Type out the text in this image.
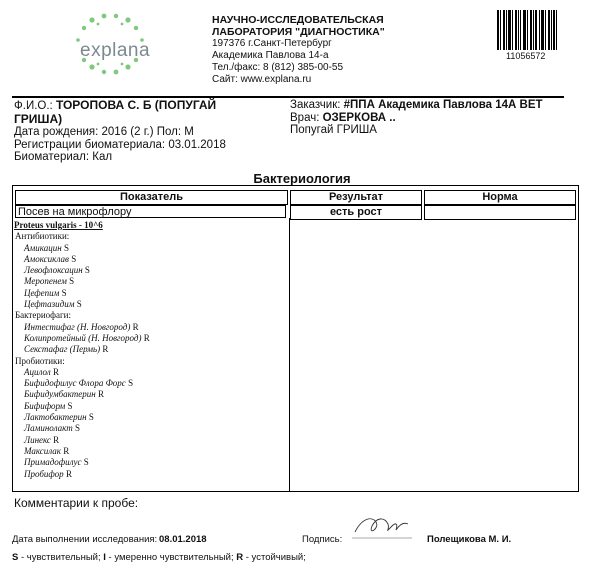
explana
НАУЧНО-ИССЛЕДОВАТЕЛЬСКАЯ
ЛАБОРАТОРИЯ "ДИАГНОСТИКА"
197376 г.Санкт-Петербург
Академика Павлова 14-а
Тел./факс: 8 (812) 385-00-55
Сайт: www.explana.ru
11056572
Ф.И.О.: ТОРОПОВА С. Б (ПОПУГАЙ
ГРИША)
Дата рождения: 2016 (2 г.) Пол: М
Регистрации биоматериала: 03.01.2018
Биоматериал: Кал
Заказчик: #ППА Академика Павлова 14А ВЕТ
Врач: ОЗЕРКОВА ..
Попугай ГРИША
Бактериология
Показатель	Результат	Норма
Посев на микрофлору	есть рост
Proteus vulgaris - 10^6
Антибиотики:
Амикацин S
Амоксиклав S
Левофлоксацин S
Меропенем S
Цефепим S
Цефтазидим S
Бактериофаги:
Интестифаг (Н. Новгород) R
Колипротейный (Н. Новгород) R
Секстафаг (Пермь) R
Пробиотики:
Ацилол R
Бифидофилус Флора Форс S
Бифидумбактерин R
Бифиформ S
Лактобактерин S
Ламинолакт S
Линекс R
Максилак R
Примадофилус S
Пробифор R
Комментарии к пробе:
Дата выполнении исследования: 08.01.2018	Подпись:	Полещикова М. И.
S - чувствительный; I - умеренно чувствительный; R - устойчивый;
